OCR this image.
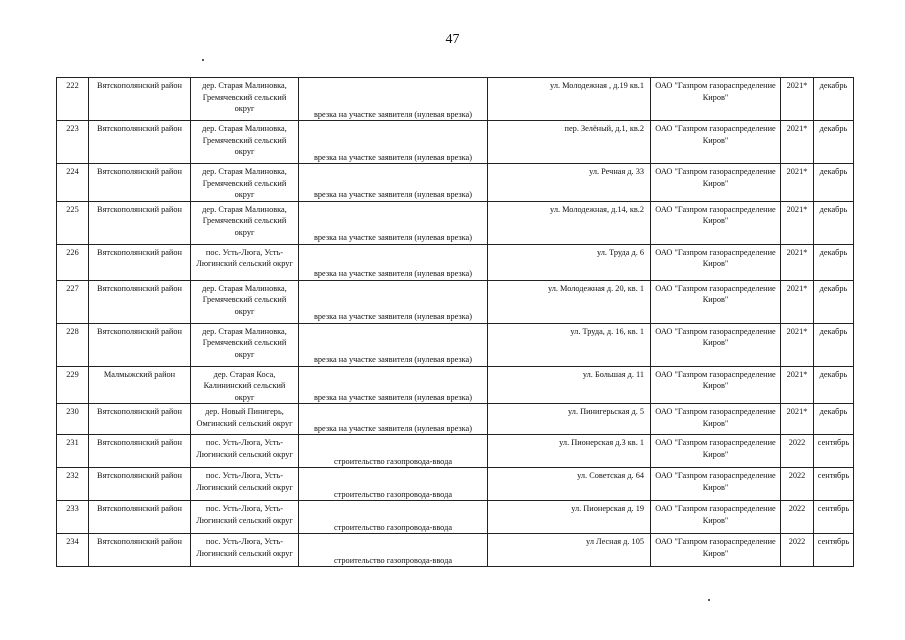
47
222	Вятскополянский район	дер. Старая Малиновка, Гремячевский сельский округ	врезка на участке заявителя (нулевая врезка)	ул. Молодежная , д.19 кв.1	ОАО "Газпром газораспределение Киров"	2021*	декабрь
223	Вятскополянский район	дер. Старая Малиновка, Гремячевский сельский округ	врезка на участке заявителя (нулевая врезка)	пер. Зелёный, д.1, кв.2	ОАО "Газпром газораспределение Киров"	2021*	декабрь
224	Вятскополянский район	дер. Старая Малиновка, Гремячевский сельский округ	врезка на участке заявителя (нулевая врезка)	ул. Речная д. 33	ОАО "Газпром газораспределение Киров"	2021*	декабрь
225	Вятскополянский район	дер. Старая Малиновка, Гремячевский сельский округ	врезка на участке заявителя (нулевая врезка)	ул. Молодежная, д.14, кв.2	ОАО "Газпром газораспределение Киров"	2021*	декабрь
226	Вятскополянский район	пос. Усть-Люга, Усть-Люгинский сельский округ	врезка на участке заявителя (нулевая врезка)	ул. Труда д. 6	ОАО "Газпром газораспределение Киров"	2021*	декабрь
227	Вятскополянский район	дер. Старая Малиновка, Гремячевский сельский округ	врезка на участке заявителя (нулевая врезка)	ул. Молодежная д. 20, кв. 1	ОАО "Газпром газораспределение Киров"	2021*	декабрь
228	Вятскополянский район	дер. Старая Малиновка, Гремячевский сельский округ	врезка на участке заявителя (нулевая врезка)	ул. Труда, д. 16, кв. 1	ОАО "Газпром газораспределение Киров"	2021*	декабрь
229	Малмыжский район	дер. Старая Коса, Калининский сельский округ	врезка на участке заявителя (нулевая врезка)	ул. Большая д. 11	ОАО "Газпром газораспределение Киров"	2021*	декабрь
230	Вятскополянский район	дер. Новый Пинигерь, Омгинский сельский округ	врезка на участке заявителя (нулевая врезка)	ул. Пинигерьская д. 5	ОАО "Газпром газораспределение Киров"	2021*	декабрь
231	Вятскополянский район	пос. Усть-Люга, Усть-Люгинский сельский округ	строительство газопровода-ввода	ул. Пионерская д.3 кв. 1	ОАО "Газпром газораспределение Киров"	2022	сентябрь
232	Вятскополянский район	пос. Усть-Люга, Усть-Люгинский сельский округ	строительство газопровода-ввода	ул. Советская д. 64	ОАО "Газпром газораспределение Киров"	2022	сентябрь
233	Вятскополянский район	пос. Усть-Люга, Усть-Люгинский сельский округ	строительство газопровода-ввода	ул. Пионерская д. 19	ОАО "Газпром газораспределение Киров"	2022	сентябрь
234	Вятскополянский район	пос. Усть-Люга, Усть-Люгинский сельский округ	строительство газопровода-ввода	ул Лесная д. 105	ОАО "Газпром газораспределение Киров"	2022	сентябрь
